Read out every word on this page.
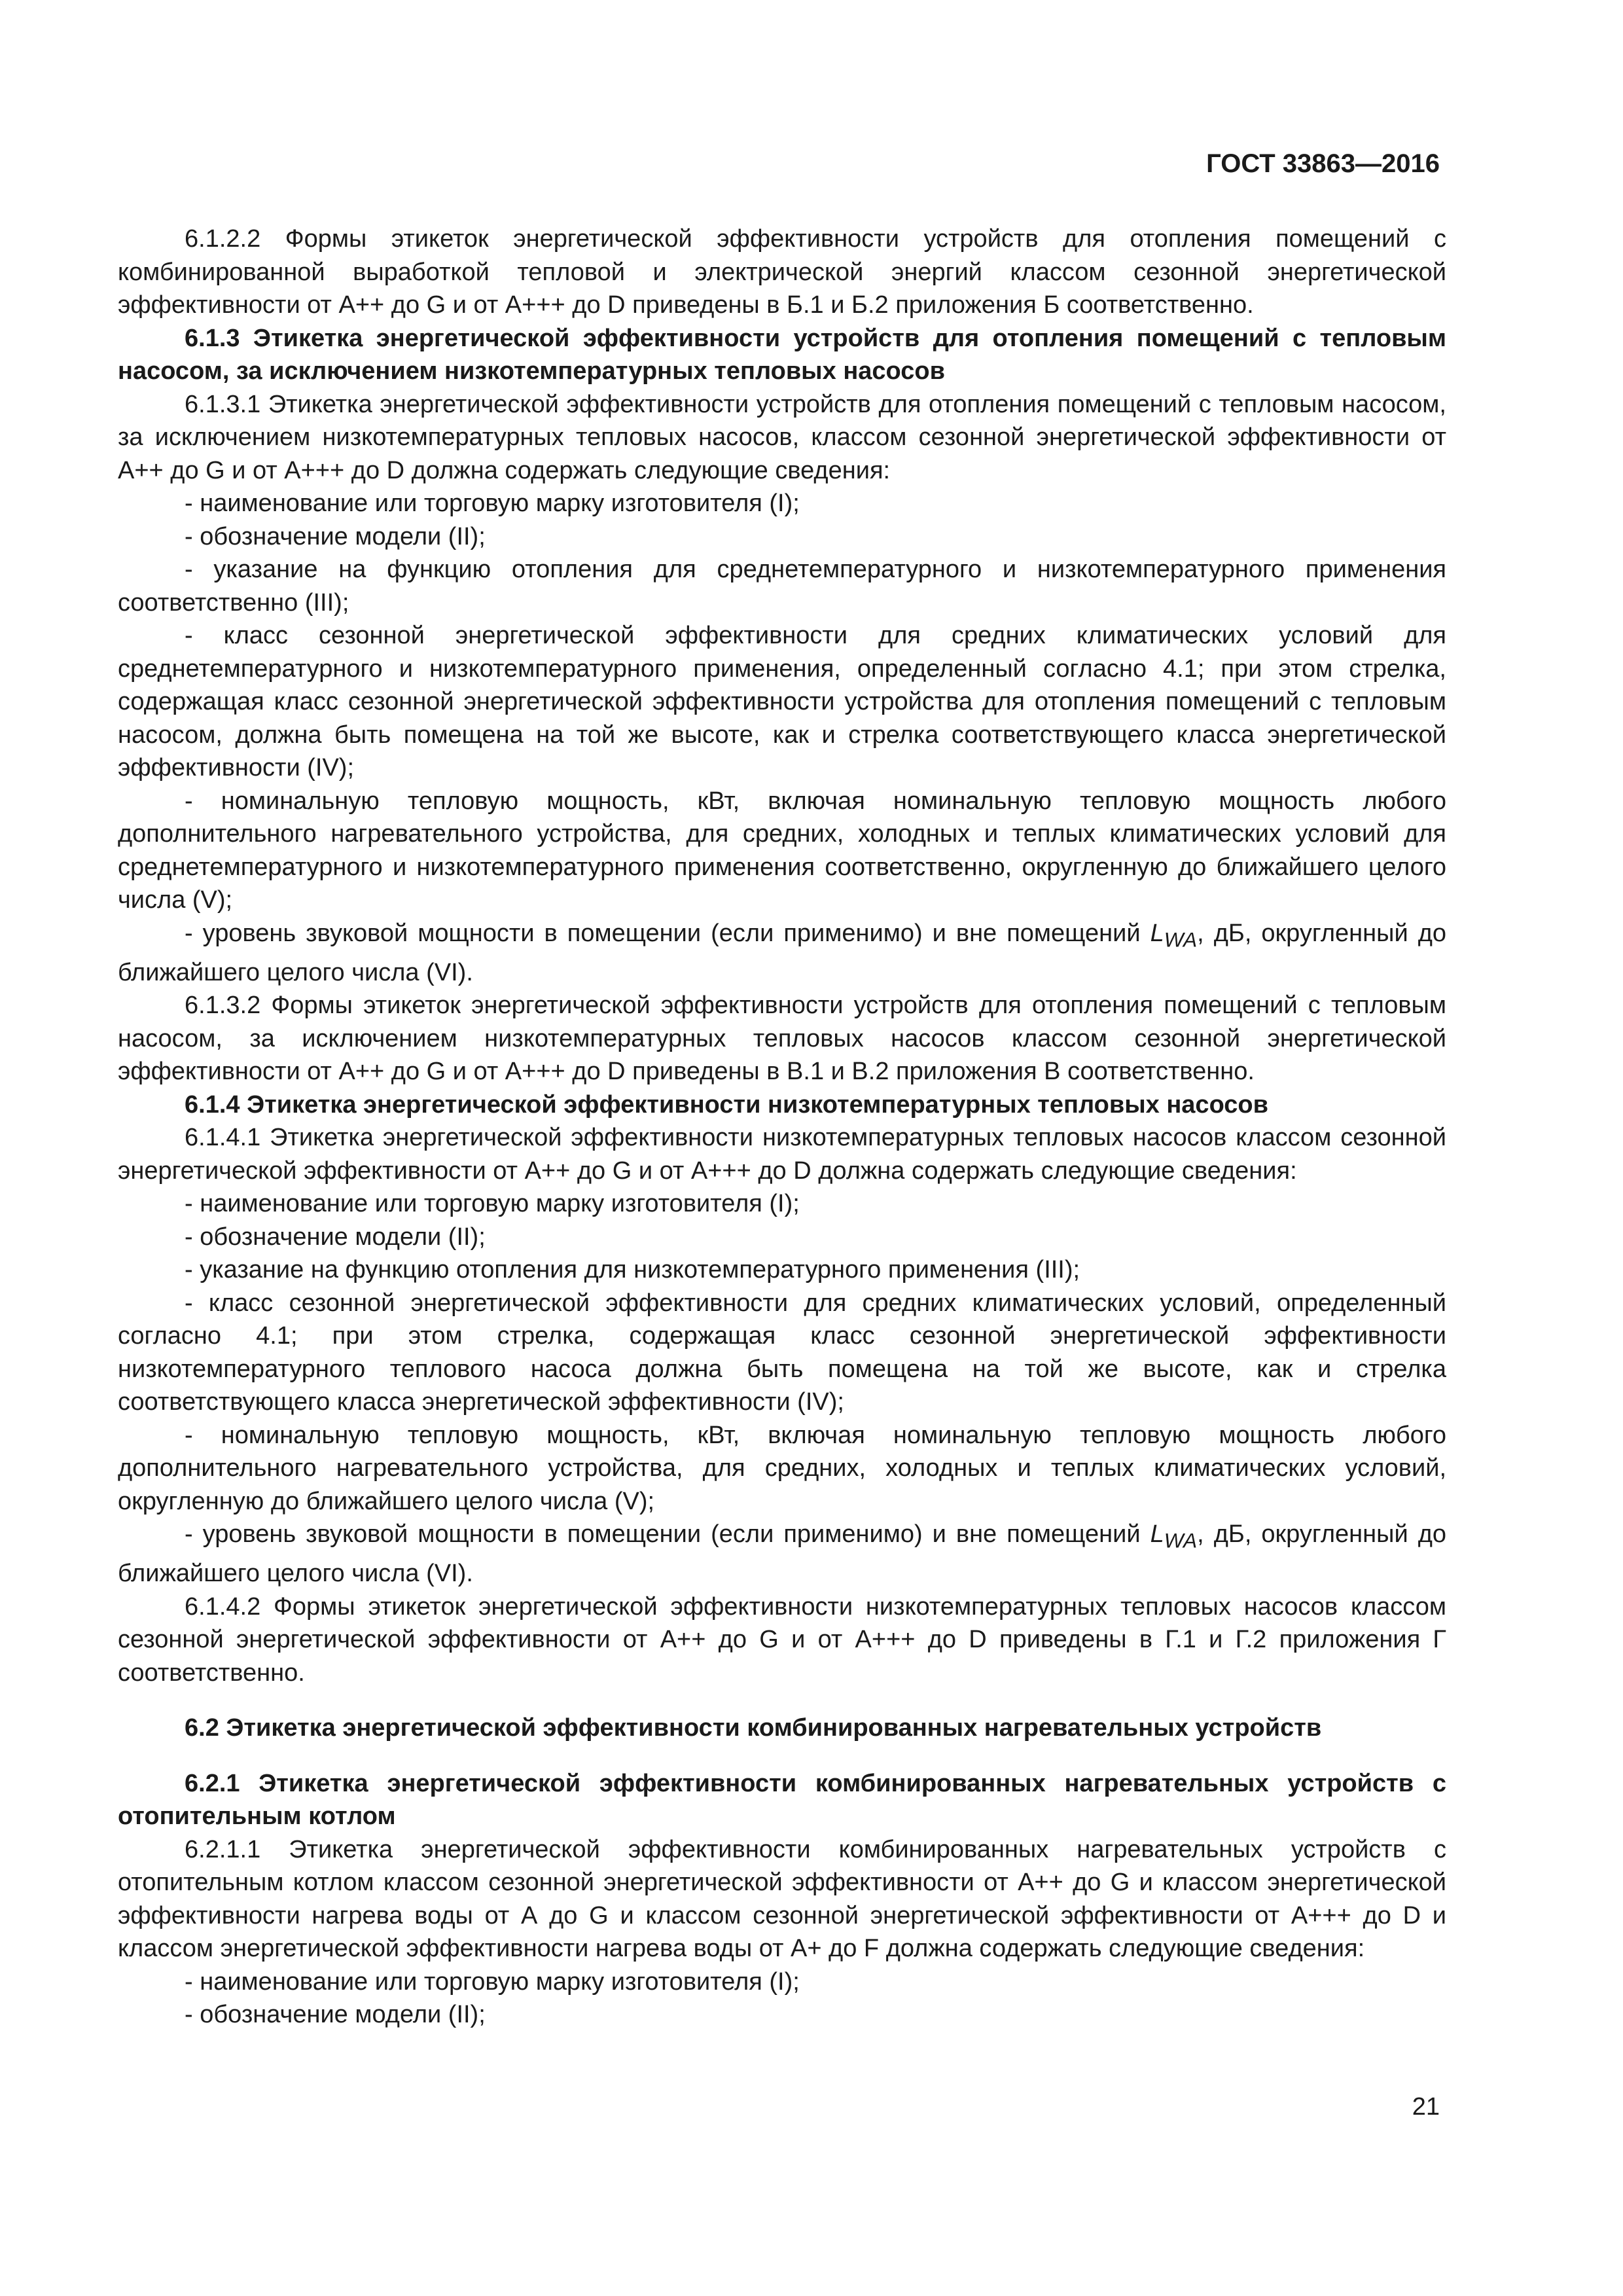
ГОСТ 33863—2016

6.1.2.2 Формы этикеток энергетической эффективности устройств для отопления помещений с комбинированной выработкой тепловой и электрической энергий классом сезонной энергетической эффективности от А++ до G и от А+++ до D приведены в Б.1 и Б.2 приложения Б соответственно.

6.1.3 Этикетка энергетической эффективности устройств для отопления помещений с тепловым насосом, за исключением низкотемпературных тепловых насосов

6.1.3.1 Этикетка энергетической эффективности устройств для отопления помещений с тепловым насосом, за исключением низкотемпературных тепловых насосов, классом сезонной энергетической эффективности от А++ до G и от А+++ до D должна содержать следующие сведения:

- наименование или торговую марку изготовителя (I);

- обозначение модели (II);

- указание на функцию отопления для среднетемпературного и низкотемпературного применения соответственно (III);

- класс сезонной энергетической эффективности для средних климатических условий для среднетемпературного и низкотемпературного применения, определенный согласно 4.1; при этом стрелка, содержащая класс сезонной энергетической эффективности устройства для отопления помещений с тепловым насосом, должна быть помещена на той же высоте, как и стрелка соответствующего класса энергетической эффективности (IV);

- номинальную тепловую мощность, кВт, включая номинальную тепловую мощность любого дополнительного нагревательного устройства, для средних, холодных и теплых климатических условий для среднетемпературного и низкотемпературного применения соответственно, округленную до ближайшего целого числа (V);

- уровень звуковой мощности в помещении (если применимо) и вне помещений $L_{WA}$, дБ, округленный до ближайшего целого числа (VI).

6.1.3.2 Формы этикеток энергетической эффективности устройств для отопления помещений с тепловым насосом, за исключением низкотемпературных тепловых насосов классом сезонной энергетической эффективности от А++ до G и от А+++ до D приведены в В.1 и В.2 приложения В соответственно.

6.1.4 Этикетка энергетической эффективности низкотемпературных тепловых насосов

6.1.4.1 Этикетка энергетической эффективности низкотемпературных тепловых насосов классом сезонной энергетической эффективности от А++ до G и от А+++ до D должна содержать следующие сведения:

- наименование или торговую марку изготовителя (I);

- обозначение модели (II);

- указание на функцию отопления для низкотемпературного применения (III);

- класс сезонной энергетической эффективности для средних климатических условий, определенный согласно 4.1; при этом стрелка, содержащая класс сезонной энергетической эффективности низкотемпературного теплового насоса должна быть помещена на той же высоте, как и стрелка соответствующего класса энергетической эффективности (IV);

- номинальную тепловую мощность, кВт, включая номинальную тепловую мощность любого дополнительного нагревательного устройства, для средних, холодных и теплых климатических условий, округленную до ближайшего целого числа (V);

- уровень звуковой мощности в помещении (если применимо) и вне помещений $L_{WA}$, дБ, округленный до ближайшего целого числа (VI).

6.1.4.2 Формы этикеток энергетической эффективности низкотемпературных тепловых насосов классом сезонной энергетической эффективности от А++ до G и от А+++ до D приведены в Г.1 и Г.2 приложения Г соответственно.

6.2 Этикетка энергетической эффективности комбинированных нагревательных устройств

6.2.1 Этикетка энергетической эффективности комбинированных нагревательных устройств с отопительным котлом

6.2.1.1 Этикетка энергетической эффективности комбинированных нагревательных устройств с отопительным котлом классом сезонной энергетической эффективности от А++ до G и классом энергетической эффективности нагрева воды от А до G и классом сезонной энергетической эффективности от А+++ до D и классом энергетической эффективности нагрева воды от А+ до F должна содержать следующие сведения:

- наименование или торговую марку изготовителя (I);

- обозначение модели (II);

21
